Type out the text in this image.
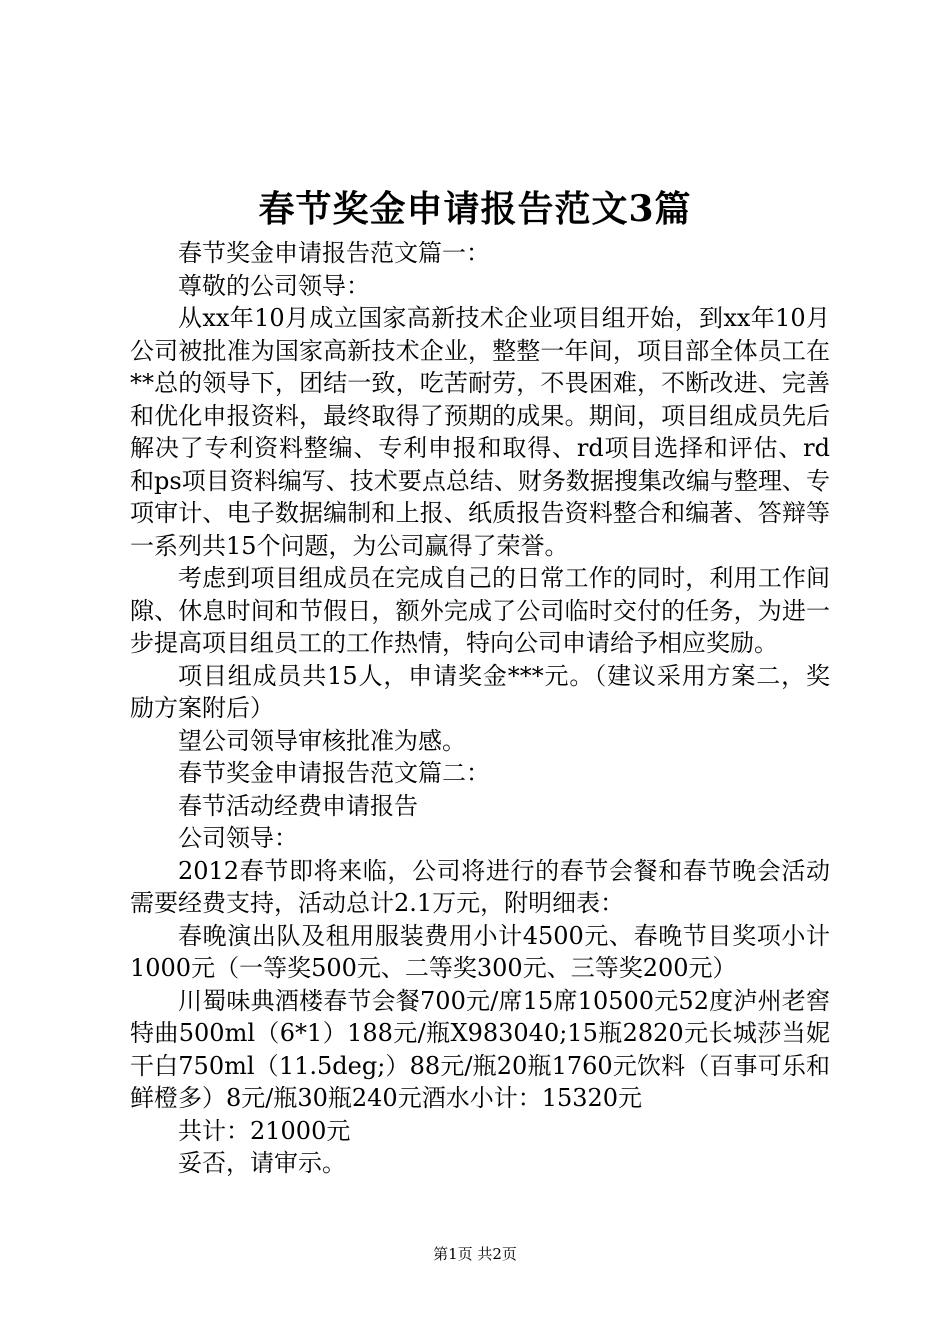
春节奖金申请报告范文3篇

春节奖金申请报告范文篇一：

尊敬的公司领导：

从xx年10月成立国家高新技术企业项目组开始，到xx年10月公司被批准为国家高新技术企业，整整一年间，项目部全体员工在**总的领导下，团结一致，吃苦耐劳，不畏困难，不断改进、完善和优化申报资料，最终取得了预期的成果。期间，项目组成员先后解决了专利资料整编、专利申报和取得、rd项目选择和评估、rd和ps项目资料编写、技术要点总结、财务数据搜集改编与整理、专项审计、电子数据编制和上报、纸质报告资料整合和编著、答辩等一系列共15个问题，为公司赢得了荣誉。

考虑到项目组成员在完成自己的日常工作的同时，利用工作间隙、休息时间和节假日，额外完成了公司临时交付的任务，为进一步提高项目组员工的工作热情，特向公司申请给予相应奖励。

项目组成员共15人，申请奖金***元。（建议采用方案二，奖励方案附后）

望公司领导审核批准为感。

春节奖金申请报告范文篇二：

春节活动经费申请报告

公司领导：

2012春节即将来临，公司将进行的春节会餐和春节晚会活动需要经费支持，活动总计2.1万元，附明细表：

春晚演出队及租用服装费用小计4500元、春晚节目奖项小计1000元（一等奖500元、二等奖300元、三等奖200元）

川蜀味典酒楼春节会餐700元/席15席10500元52度泸州老窖特曲500ml（6*1）188元/瓶X983040;15瓶2820元长城莎当妮干白750ml（11.5deg;）88元/瓶20瓶1760元饮料（百事可乐和鲜橙多）8元/瓶30瓶240元酒水小计：15320元

共计：21000元

妥否，请审示。

第1页 共2页
